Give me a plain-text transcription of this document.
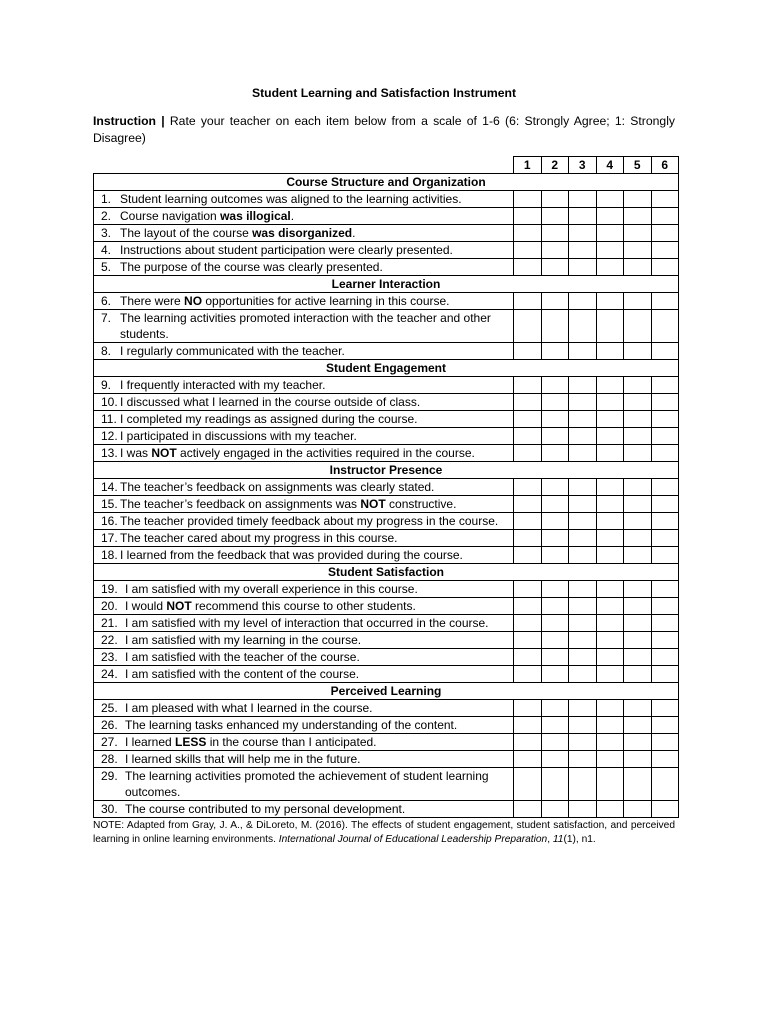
Student Learning and Satisfaction Instrument
Instruction | Rate your teacher on each item below from a scale of 1-6 (6: Strongly Agree; 1: Strongly Disagree)
	1	2	3	4	5	6
Course Structure and Organization						

1. Student learning outcomes was aligned to the learning activities.						

2. Course navigation was illogical.						

3. The layout of the course was disorganized.						

4. Instructions about student participation were clearly presented.						

5. The purpose of the course was clearly presented.						

Learner Interaction						

6. There were NO opportunities for active learning in this course.						

7. The learning activities promoted interaction with the teacher and other students.						

8. I regularly communicated with the teacher.						

Student Engagement						

9. I frequently interacted with my teacher.						

10. I discussed what I learned in the course outside of class.						

11. I completed my readings as assigned during the course.						

12. I participated in discussions with my teacher.						

13. I was NOT actively engaged in the activities required in the course.						

Instructor Presence						

14. The teacher’s feedback on assignments was clearly stated.						

15. The teacher’s feedback on assignments was NOT constructive.						

16. The teacher provided timely feedback about my progress in the course.						

17. The teacher cared about my progress in this course.						

18. I learned from the feedback that was provided during the course.						

Student Satisfaction						

19. I am satisfied with my overall experience in this course.						

20. I would NOT recommend this course to other students.						

21. I am satisfied with my level of interaction that occurred in the course.						

22. I am satisfied with my learning in the course.						

23. I am satisfied with the teacher of the course.						

24. I am satisfied with the content of the course.						

Perceived Learning						

25. I am pleased with what I learned in the course.						

26. The learning tasks enhanced my understanding of the content.						

27. I learned LESS in the course than I anticipated.						

28. I learned skills that will help me in the future.						

29. The learning activities promoted the achievement of student learning outcomes.						

30. The course contributed to my personal development.						

NOTE: Adapted from Gray, J. A., & DiLoreto, M. (2016). The effects of student engagement, student satisfaction, and perceived learning in online learning environments. International Journal of Educational Leadership Preparation, 11(1), n1.
